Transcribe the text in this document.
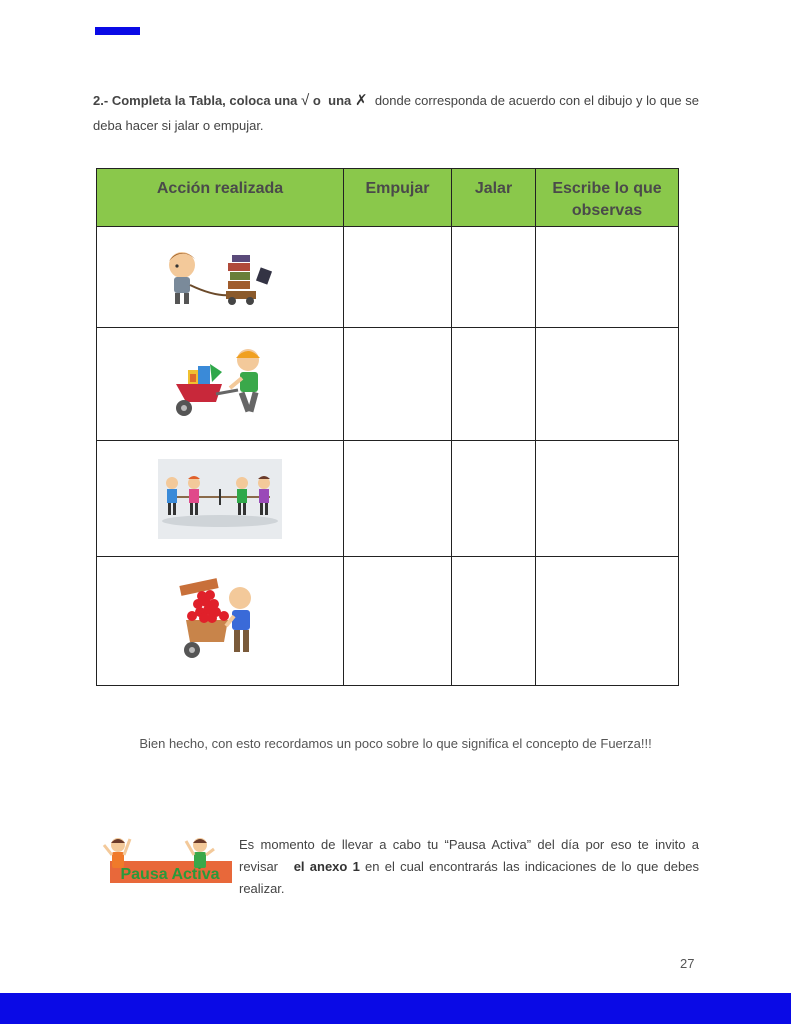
2.- Completa la Tabla, coloca una √ o una ✗ donde corresponda de acuerdo con el dibujo y lo que se deba hacer si jalar o empujar.
Acción realizada	Empujar	Jalar	Escribe lo que observas

Bien hecho, con esto recordamos un poco sobre lo que significa el concepto de Fuerza!!!
Pausa Activa
Es momento de llevar a cabo tu “Pausa Activa” del día por eso te invito a revisar el anexo 1 en el cual encontrarás las indicaciones de lo que debes realizar.
27
